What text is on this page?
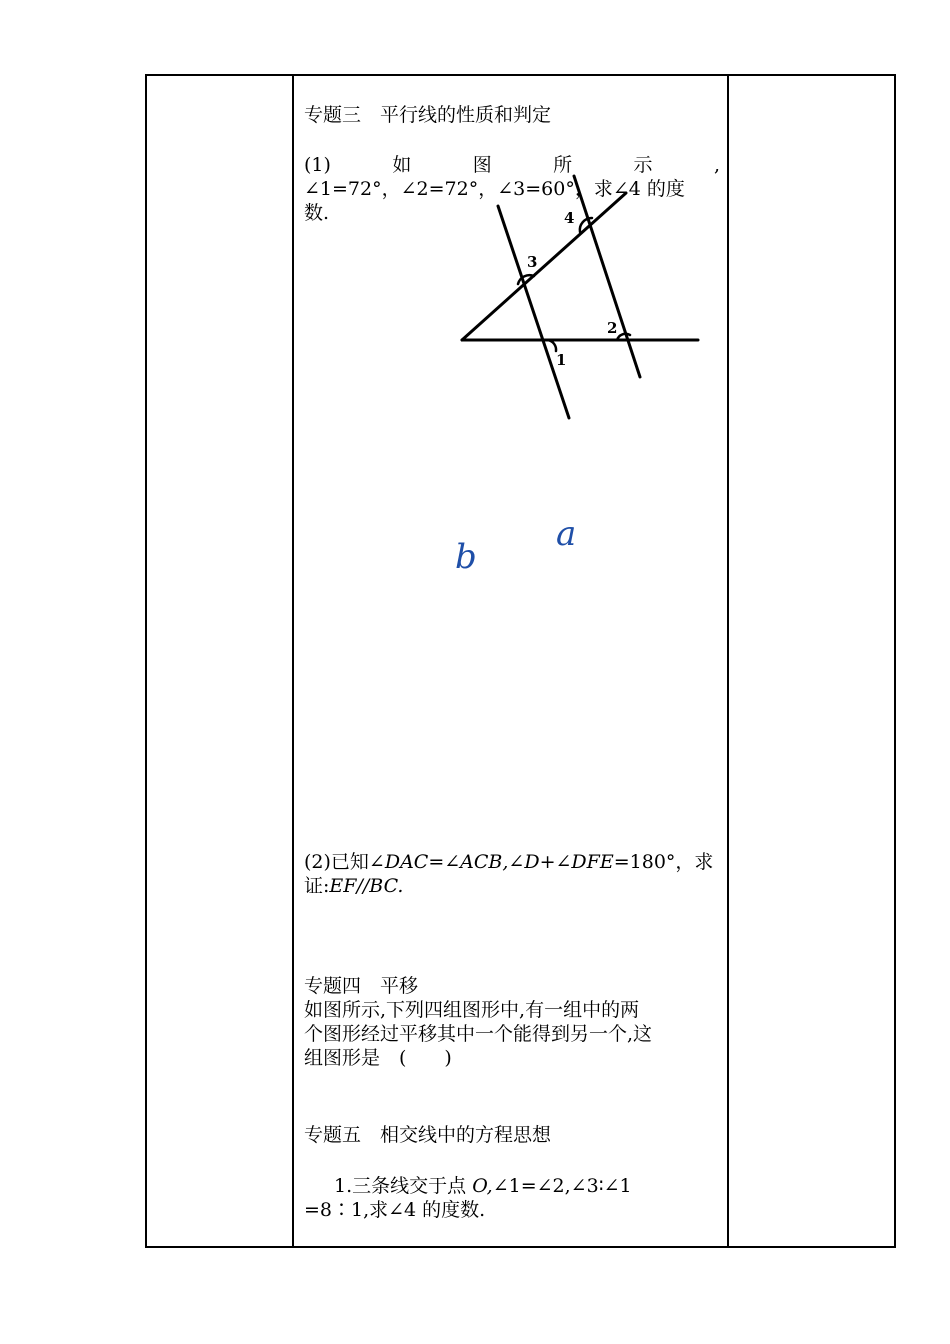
专题三　平行线的性质和判定
(1)	如	图	所	示	,
∠1=72°，∠2=72°，∠3=60°，求∠4 的度
数.
1
2
3
4
a
b
(2)已知∠DAC=∠ACB,∠D+∠DFE=180°，求
证:EF//BC.
专题四　平移
如图所示,下列四组图形中,有一组中的两
个图形经过平移其中一个能得到另一个,这
组图形是　(　　)
专题五　相交线中的方程思想
1.三条线交于点 O,∠1=∠2,∠3∶∠1
=8∶1,求∠4 的度数.
